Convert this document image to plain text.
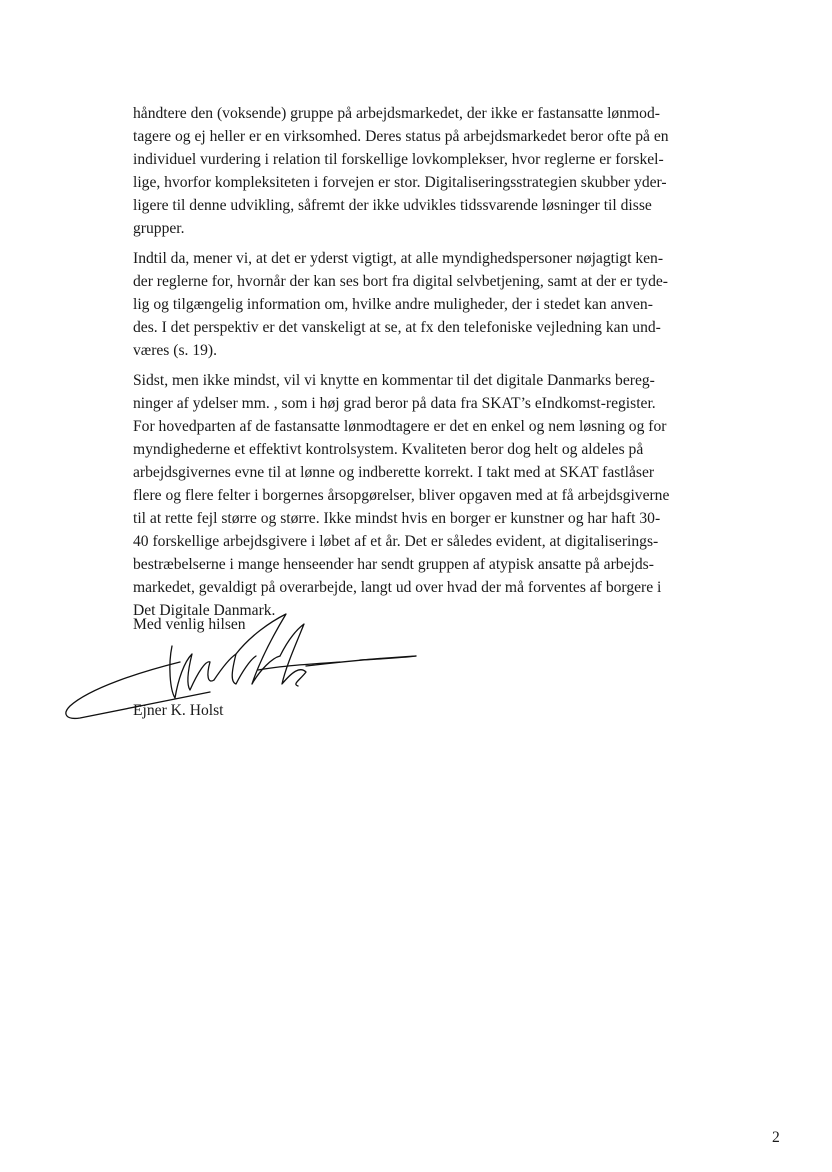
håndtere den (voksende) gruppe på arbejdsmarkedet, der ikke er fastansatte lønmod-
tagere og ej heller er en virksomhed. Deres status på arbejdsmarkedet beror ofte på en
individuel vurdering i relation til forskellige lovkomplekser, hvor reglerne er forskel-
lige, hvorfor kompleksiteten i forvejen er stor. Digitaliseringsstrategien skubber yder-
ligere til denne udvikling, såfremt der ikke udvikles tidssvarende løsninger til disse
grupper.

Indtil da, mener vi, at det er yderst vigtigt, at alle myndighedspersoner nøjagtigt ken-
der reglerne for, hvornår der kan ses bort fra digital selvbetjening, samt at der er tyde-
lig og tilgængelig information om, hvilke andre muligheder, der i stedet kan anven-
des. I det perspektiv er det vanskeligt at se, at fx den telefoniske vejledning kan und-
væres (s. 19).

Sidst, men ikke mindst, vil vi knytte en kommentar til det digitale Danmarks bereg-
ninger af ydelser mm. , som i høj grad beror på data fra SKAT’s eIndkomst-register.
For hovedparten af de fastansatte lønmodtagere er det en enkel og nem løsning og for
myndighederne et effektivt kontrolsystem. Kvaliteten beror dog helt og aldeles på
arbejdsgivernes evne til at lønne og indberette korrekt. I takt med at SKAT fastlåser
flere og flere felter i borgernes årsopgørelser, bliver opgaven med at få arbejdsgiverne
til at rette fejl større og større. Ikke mindst hvis en borger er kunstner og har haft 30-
40 forskellige arbejdsgivere i løbet af et år. Det er således evident, at digitaliserings-
bestræbelserne i mange henseender har sendt gruppen af atypisk ansatte på arbejds-
markedet, gevaldigt på overarbejde, langt ud over hvad der må forventes af borgere i
Det Digitale Danmark.

Med venlig hilsen

Ejner K. Holst

2
